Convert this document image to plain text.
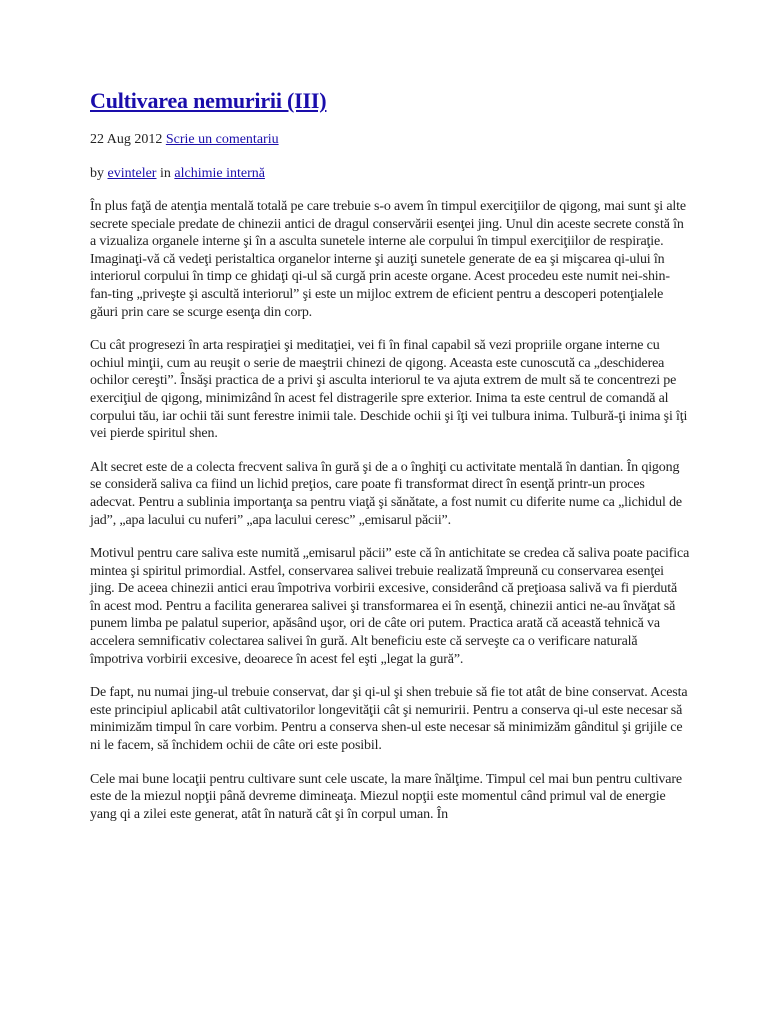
Cultivarea nemuririi (III)
22 Aug 2012 Scrie un comentariu
by evinteler in alchimie internă

În plus faţă de atenţia mentală totală pe care trebuie s-o avem în timpul exerciţiilor de qigong, mai sunt şi alte secrete speciale predate de chinezii antici de dragul conservării esenţei jing. Unul din aceste secrete constă în a vizualiza organele interne şi în a asculta sunetele interne ale corpului în timpul exerciţiilor de respiraţie. Imaginaţi-vă că vedeţi peristaltica organelor interne şi auziţi sunetele generate de ea şi mişcarea qi-ului în interiorul corpului în timp ce ghidaţi qi-ul să curgă prin aceste organe. Acest procedeu este numit nei-shin-fan-ting „priveşte şi ascultă interiorul” şi este un mijloc extrem de eficient pentru a descoperi potenţialele găuri prin care se scurge esenţa din corp.

Cu cât progresezi în arta respiraţiei şi meditaţiei, vei fi în final capabil să vezi propriile organe interne cu ochiul minţii, cum au reuşit o serie de maeştrii chinezi de qigong. Aceasta este cunoscută ca „deschiderea ochilor cereşti”. Însăşi practica de a privi şi asculta interiorul te va ajuta extrem de mult să te concentrezi pe exerciţiul de qigong, minimizând în acest fel distragerile spre exterior. Inima ta este centrul de comandă al corpului tău, iar ochii tăi sunt ferestre inimii tale. Deschide ochii şi îţi vei tulbura inima. Tulbură-ţi inima şi îţi vei pierde spiritul shen.

Alt secret este de a colecta frecvent saliva în gură şi de a o înghiţi cu activitate mentală în dantian. În qigong se consideră saliva ca fiind un lichid preţios, care poate fi transformat direct în esenţă printr-un proces adecvat. Pentru a sublinia importanţa sa pentru viaţă şi sănătate, a fost numit cu diferite nume ca „lichidul de jad”, „apa lacului cu nuferi” „apa lacului ceresc” „emisarul păcii”.

Motivul pentru care saliva este numită „emisarul păcii” este că în antichitate se credea că saliva poate pacifica mintea şi spiritul primordial. Astfel, conservarea salivei trebuie realizată împreună cu conservarea esenţei jing. De aceea chinezii antici erau împotriva vorbirii excesive, considerând că preţioasa salivă va fi pierdută în acest mod. Pentru a facilita generarea salivei şi transformarea ei în esenţă, chinezii antici ne-au învăţat să punem limba pe palatul superior, apăsând uşor, ori de câte ori putem. Practica arată că această tehnică va accelera semnificativ colectarea salivei în gură. Alt beneficiu este că serveşte ca o verificare naturală împotriva vorbirii excesive, deoarece în acest fel eşti „legat la gură”.

De fapt, nu numai jing-ul trebuie conservat, dar şi qi-ul şi shen trebuie să fie tot atât de bine conservat. Acesta este principiul aplicabil atât cultivatorilor longevităţii cât şi nemuririi. Pentru a conserva qi-ul este necesar să minimizăm timpul în care vorbim. Pentru a conserva shen-ul este necesar să minimizăm gânditul şi grijile ce ni le facem, să închidem ochii de câte ori este posibil.

Cele mai bune locaţii pentru cultivare sunt cele uscate, la mare înălţime. Timpul cel mai bun pentru cultivare este de la miezul nopţii până devreme dimineaţa. Miezul nopţii este momentul când primul val de energie yang qi a zilei este generat, atât în natură cât şi în corpul uman. În
